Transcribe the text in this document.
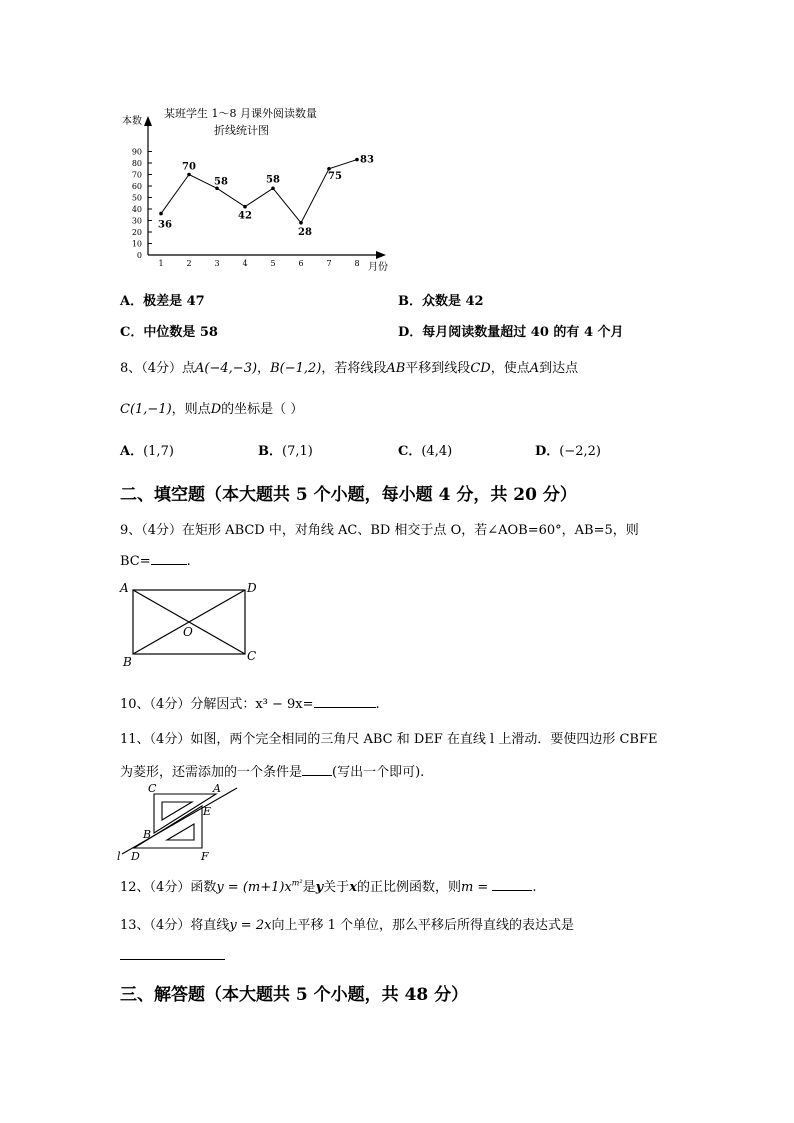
某班学生 1～8 月课外阅读数量
折线统计图
本数
月份
0
10
20
30
40
50
60
70
80
90
1	2	3	4	5	6	7	8
36
70
58
42
58
28
75
83
A．极差是 47	B．众数是 42
C．中位数是 58	D．每月阅读数量超过 40 的有 4 个月
8、（4分）点A(−4,−3)，B(−1,2)，若将线段AB平移到线段CD，使点A到达点
C(1,−1)，则点D的坐标是（ ）
A．(1,7)	B．(7,1)	C．(4,4)	D．(−2,2)
二、填空题（本大题共 5 个小题，每小题 4 分，共 20 分）
9、（4分）在矩形 ABCD 中，对角线 AC、BD 相交于点 O，若∠AOB=60°，AB=5，则
BC=	.
A	D
B	C
O
10、（4分）分解因式：x³ − 9x=	.
11、（4分）如图，两个完全相同的三角尺 ABC 和 DEF 在直线 l 上滑动．要使四边形 CBFE
为菱形，还需添加的一个条件是 (写出一个即可).
C	A
E
B
l D	F
12、（4分）函数$y = (m+1)x^{m^2}$是y关于x的正比例函数，则m =	.
13、（4分）将直线y = 2x向上平移 1 个单位，那么平移后所得直线的表达式是
三、解答题（本大题共 5 个小题，共 48 分）
